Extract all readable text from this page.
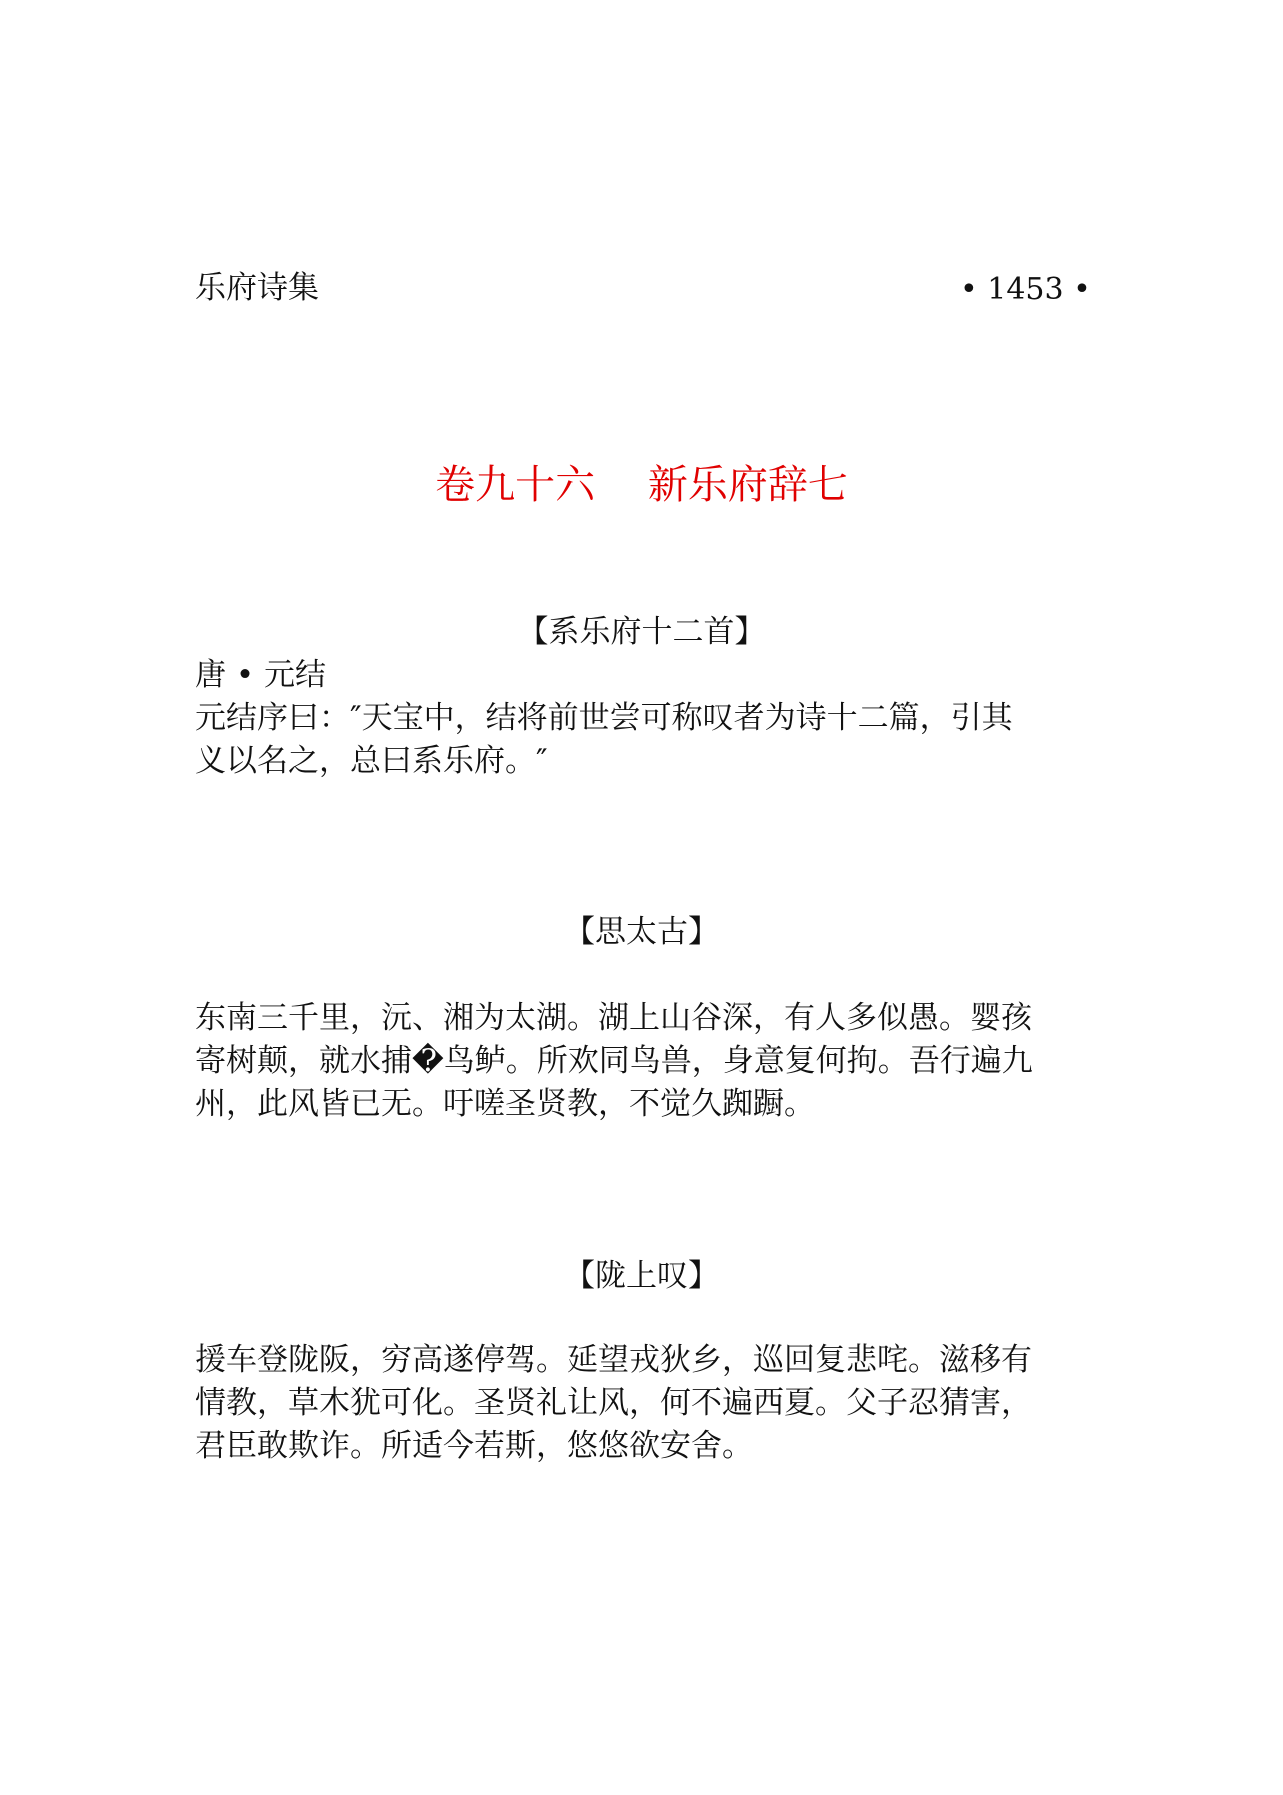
乐府诗集	• 1453 •
卷九十六　 新乐府辞七
【系乐府十二首】
唐 • 元结
元结序曰：″天宝中，结将前世尝可称叹者为诗十二篇，引其
义以名之，总曰系乐府。″
【思太古】
东南三千里，沅、湘为太湖。湖上山谷深，有人多似愚。婴孩
寄树颠，就水捕�鸟鲈。所欢同鸟兽，身意复何拘。吾行遍九
州，此风皆已无。吁嗟圣贤教，不觉久踟蹰。
【陇上叹】
援车登陇阪，穷高遂停驾。延望戎狄乡，巡回复悲咤。滋移有
情教，草木犹可化。圣贤礼让风，何不遍西夏。父子忍猜害，
君臣敢欺诈。所适今若斯，悠悠欲安舍。
